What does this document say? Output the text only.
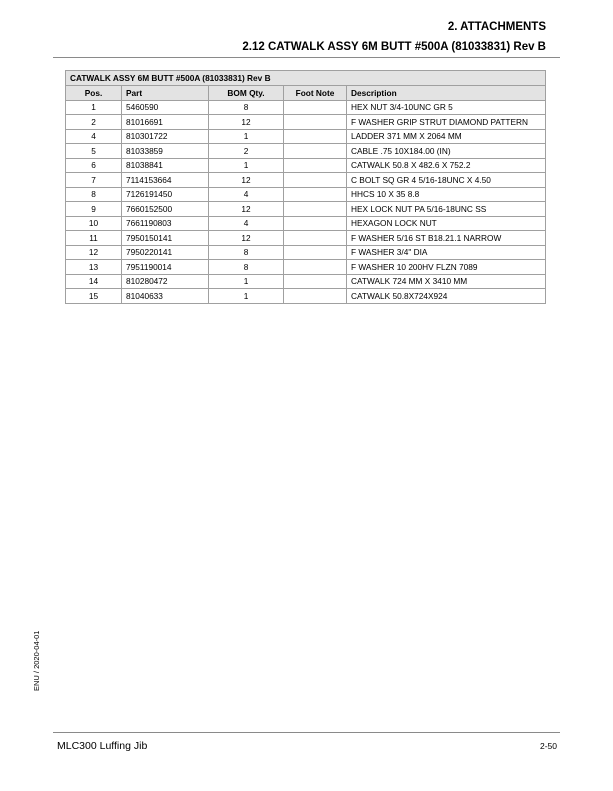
2. ATTACHMENTS
2.12 CATWALK ASSY 6M BUTT #500A (81033831) Rev B
CATWALK ASSY 6M BUTT #500A (81033831) Rev B
Pos.	Part	BOM Qty.	Foot Note	Description
1	5460590	8		HEX NUT 3/4-10UNC GR 5
2	81016691	12		F WASHER GRIP STRUT DIAMOND PATTERN
4	810301722	1		LADDER 371 MM X 2064 MM
5	81033859	2		CABLE .75 10X184.00 (IN)
6	81038841	1		CATWALK 50.8 X 482.6 X 752.2
7	7114153664	12		C BOLT SQ GR 4 5/16-18UNC X 4.50
8	7126191450	4		HHCS 10 X 35 8.8
9	7660152500	12		HEX LOCK NUT PA 5/16-18UNC SS
10	7661190803	4		HEXAGON LOCK NUT
11	7950150141	12		F WASHER 5/16 ST B18.21.1 NARROW
12	7950220141	8		F WASHER 3/4" DIA
13	7951190014	8		F WASHER 10 200HV FLZN 7089
14	810280472	1		CATWALK 724 MM X 3410 MM
15	81040633	1		CATWALK 50.8X724X924
ENU / 2020-04-01
MLC300 Luffing Jib	2-50
